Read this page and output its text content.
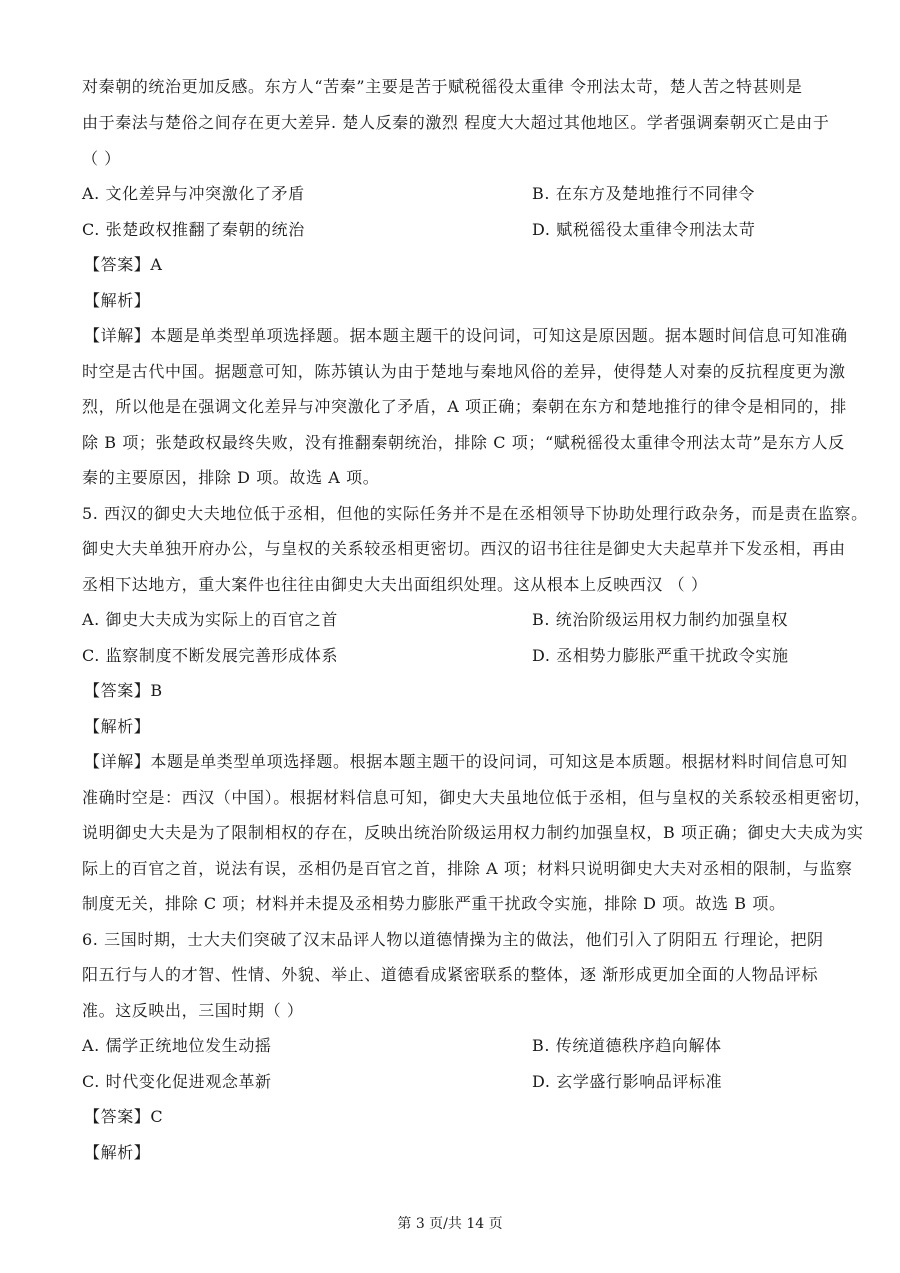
对秦朝的统治更加反感。东方人“苦秦”主要是苦于赋税徭役太重律 令刑法太苛，楚人苦之特甚则是
由于秦法与楚俗之间存在更大差异. 楚人反秦的激烈 程度大大超过其他地区。学者强调秦朝灭亡是由于
（ ）
A. 文化差异与冲突激化了矛盾	B. 在东方及楚地推行不同律令
C. 张楚政权推翻了秦朝的统治	D. 赋税徭役太重律令刑法太苛
【答案】A
【解析】
【详解】本题是单类型单项选择题。据本题主题干的设问词，可知这是原因题。据本题时间信息可知准确
时空是古代中国。据题意可知，陈苏镇认为由于楚地与秦地风俗的差异，使得楚人对秦的反抗程度更为激
烈，所以他是在强调文化差异与冲突激化了矛盾，A 项正确；秦朝在东方和楚地推行的律令是相同的，排
除 B 项；张楚政权最终失败，没有推翻秦朝统治，排除 C 项；“赋税徭役太重律令刑法太苛”是东方人反
秦的主要原因，排除 D 项。故选 A 项。
5. 西汉的御史大夫地位低于丞相，但他的实际任务并不是在丞相领导下协助处理行政杂务，而是责在监察。
御史大夫单独开府办公，与皇权的关系较丞相更密切。西汉的诏书往往是御史大夫起草并下发丞相，再由
丞相下达地方，重大案件也往往由御史大夫出面组织处理。这从根本上反映西汉 （ ）
A. 御史大夫成为实际上的百官之首	B. 统治阶级运用权力制约加强皇权
C. 监察制度不断发展完善形成体系	D. 丞相势力膨胀严重干扰政令实施
【答案】B
【解析】
【详解】本题是单类型单项选择题。根据本题主题干的设问词，可知这是本质题。根据材料时间信息可知
准确时空是：西汉（中国）。根据材料信息可知，御史大夫虽地位低于丞相，但与皇权的关系较丞相更密切，
说明御史大夫是为了限制相权的存在，反映出统治阶级运用权力制约加强皇权，B 项正确；御史大夫成为实
际上的百官之首，说法有误，丞相仍是百官之首，排除 A 项；材料只说明御史大夫对丞相的限制，与监察
制度无关，排除 C 项；材料并未提及丞相势力膨胀严重干扰政令实施，排除 D 项。故选 B 项。
6. 三国时期，士大夫们突破了汉末品评人物以道德情操为主的做法，他们引入了阴阳五 行理论，把阴
阳五行与人的才智、性情、外貌、举止、道德看成紧密联系的整体，逐 渐形成更加全面的人物品评标
准。这反映出，三国时期（ ）
A. 儒学正统地位发生动摇	B. 传统道德秩序趋向解体
C. 时代变化促进观念革新	D. 玄学盛行影响品评标准
【答案】C
【解析】
第 3 页/共 14 页
